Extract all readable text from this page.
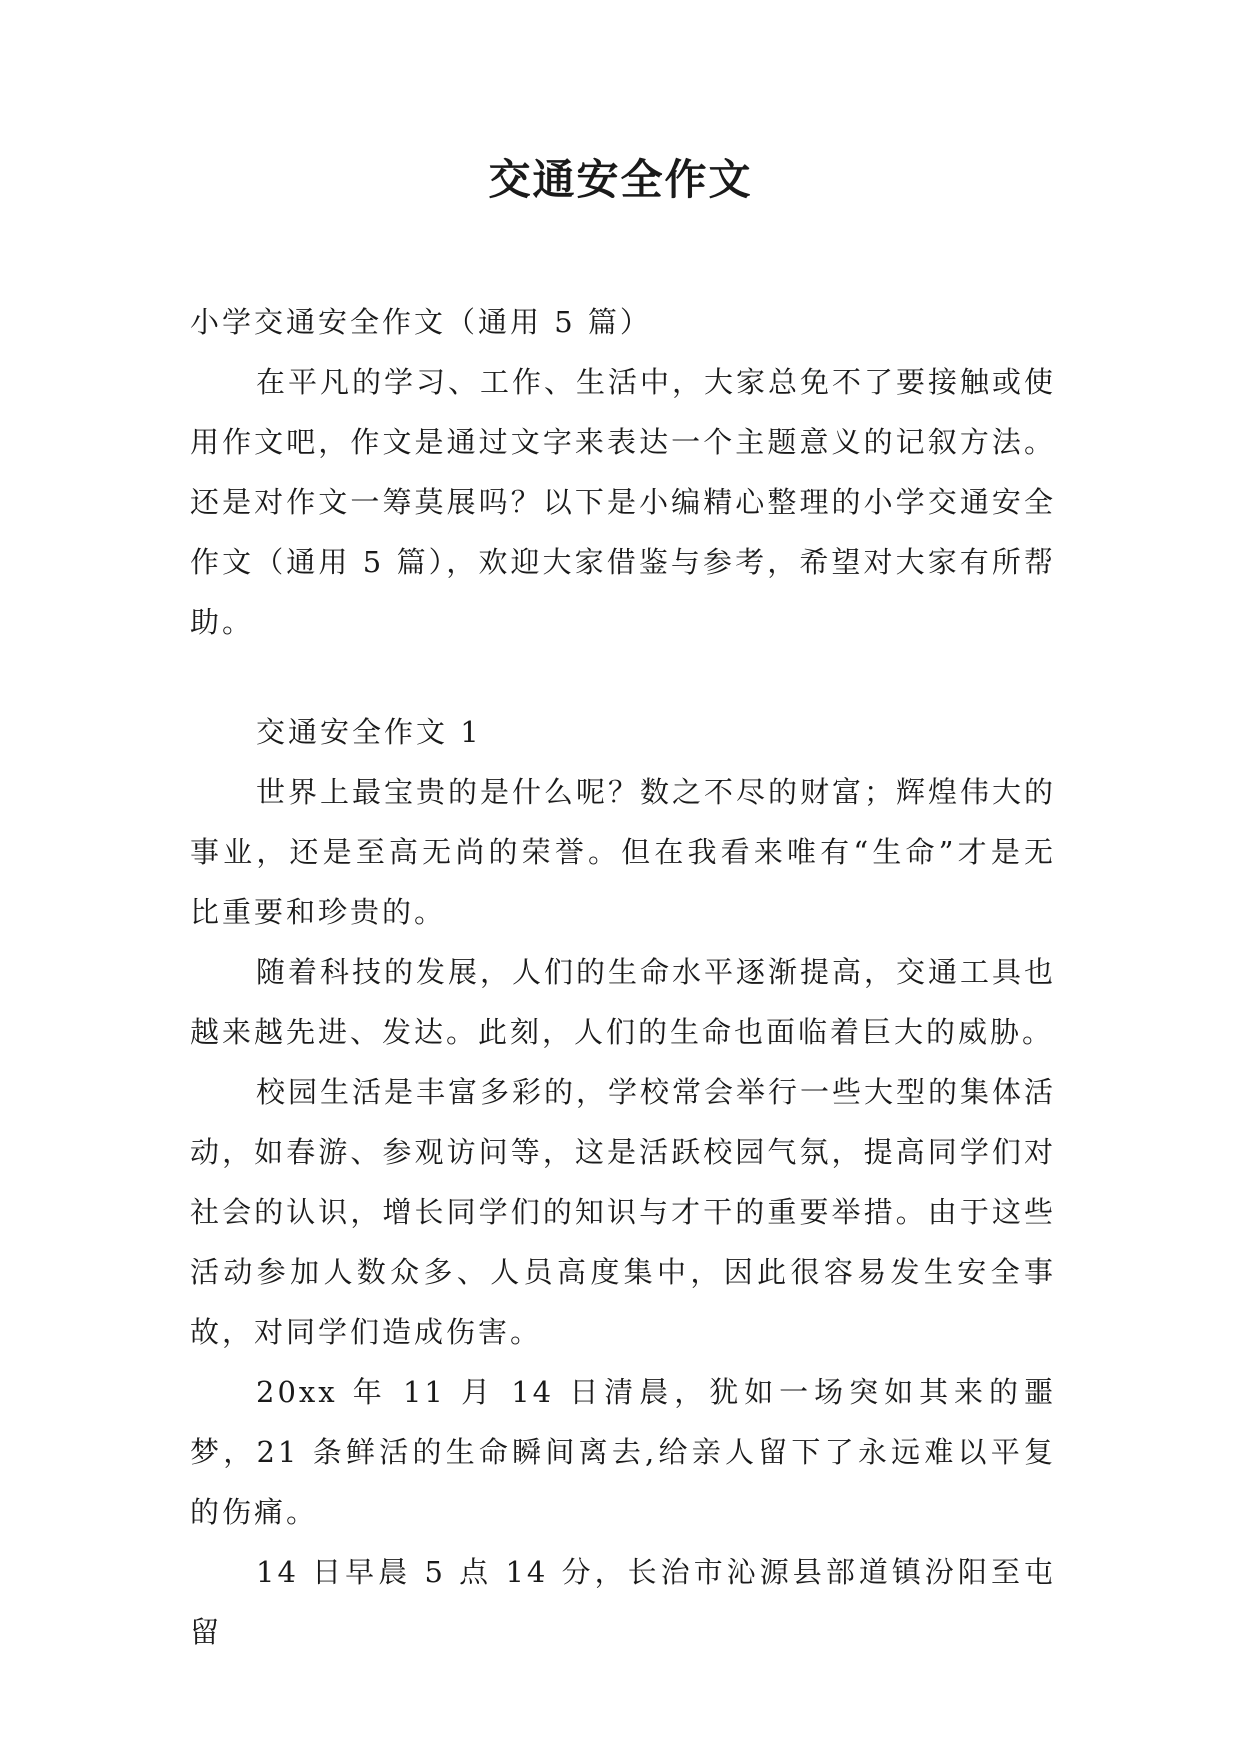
交通安全作文

小学交通安全作文（通用 5 篇）

在平凡的学习、工作、生活中，大家总免不了要接触或使用作文吧，作文是通过文字来表达一个主题意义的记叙方法。还是对作文一筹莫展吗？以下是小编精心整理的小学交通安全作文（通用 5 篇），欢迎大家借鉴与参考，希望对大家有所帮助。

交通安全作文 1

世界上最宝贵的是什么呢？数之不尽的财富；辉煌伟大的事业，还是至高无尚的荣誉。但在我看来唯有“生命”才是无比重要和珍贵的。

随着科技的发展，人们的生命水平逐渐提高，交通工具也越来越先进、发达。此刻，人们的生命也面临着巨大的威胁。

校园生活是丰富多彩的，学校常会举行一些大型的集体活动，如春游、参观访问等，这是活跃校园气氛，提高同学们对社会的认识，增长同学们的知识与才干的重要举措。由于这些活动参加人数众多、人员高度集中，因此很容易发生安全事故，对同学们造成伤害。

20xx 年 11 月 14 日清晨，犹如一场突如其来的噩梦，21 条鲜活的生命瞬间离去,给亲人留下了永远难以平复的伤痛。

14 日早晨 5 点 14 分，长治市沁源县部道镇汾阳至屯留
